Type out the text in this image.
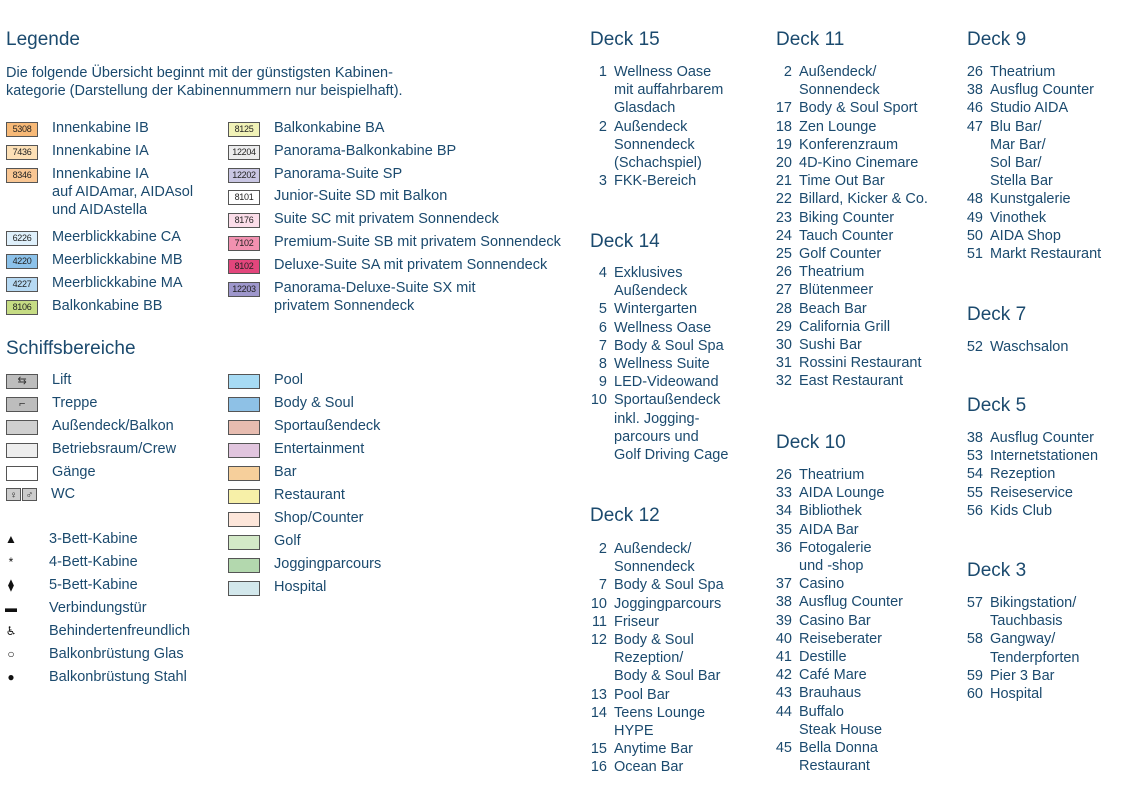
Legende
Die folgende Übersicht beginnt mit der günstigsten Kabinen-
kategorie (Darstellung der Kabinennummern nur beispielhaft).
5308	Innenkabine IB
7436	Innenkabine IA
8346	Innenkabine IA
auf AIDAmar, AIDAsol
und AIDAstella
6226	Meerblickkabine CA
4220	Meerblickkabine MB
4227	Meerblickkabine MA
8106	Balkonkabine BB
8125	Balkonkabine BA
12204 Panorama-Balkonkabine BP
12202 Panorama-Suite SP
8101	Junior-Suite SD mit Balkon
8176	Suite SC mit privatem Sonnendeck
7102	Premium-Suite SB mit privatem Sonnendeck
8102	Deluxe-Suite SA mit privatem Sonnendeck
12203 Panorama-Deluxe-Suite SX mit
privatem Sonnendeck
Schiffsbereiche
⇆	Lift
⌐	Treppe
Außendeck/Balkon
Betriebsraum/Crew
Gänge
♀ ♂ WC
Pool
Body & Soul
Sportaußendeck
Entertainment
Bar
Restaurant
Shop/Counter
Golf
Joggingparcours
Hospital
▲ 3-Bett-Kabine
*	4-Bett-Kabine
⧫ 5-Bett-Kabine
▬ Verbindungstür
♿ Behindertenfreundlich
○ Balkonbrüstung Glas
● Balkonbrüstung Stahl
Deck 15
1 Wellness Oase
mit auffahrbarem
Glasdach
2 Außendeck
Sonnendeck
(Schachspiel)
3 FKK-Bereich
Deck 14
4 Exklusives
Außendeck
5 Wintergarten
6 Wellness Oase
7 Body & Soul Spa
8 Wellness Suite
9 LED-Videowand
10 Sportaußendeck
inkl. Jogging-
parcours und
Golf Driving Cage
Deck 12
2 Außendeck/
Sonnendeck
7 Body & Soul Spa
10 Joggingparcours
11 Friseur
12 Body & Soul
Rezeption/
Body & Soul Bar
13 Pool Bar
14 Teens Lounge
HYPE
15 Anytime Bar
16 Ocean Bar
Deck 11
2 Außendeck/
Sonnendeck
17 Body & Soul Sport
18 Zen Lounge
19 Konferenzraum
20 4D-Kino Cinemare
21 Time Out Bar
22 Billard, Kicker & Co.
23 Biking Counter
24 Tauch Counter
25 Golf Counter
26 Theatrium
27 Blütenmeer
28 Beach Bar
29 California Grill
30 Sushi Bar
31 Rossini Restaurant
32 East Restaurant
Deck 10
26 Theatrium
33 AIDA Lounge
34 Bibliothek
35 AIDA Bar
36 Fotogalerie
und -shop
37 Casino
38 Ausflug Counter
39 Casino Bar
40 Reiseberater
41 Destille
42 Café Mare
43 Brauhaus
44 Buffalo
Steak House
45 Bella Donna
Restaurant
Deck 9
26 Theatrium
38 Ausflug Counter
46 Studio AIDA
47 Blu Bar/
Mar Bar/
Sol Bar/
Stella Bar
48 Kunstgalerie
49 Vinothek
50 AIDA Shop
51 Markt Restaurant
Deck 7
52 Waschsalon
Deck 5
38 Ausflug Counter
53 Internetstationen
54 Rezeption
55 Reiseservice
56 Kids Club
Deck 3
57 Bikingstation/
Tauchbasis
58 Gangway/
Tenderpforten
59 Pier 3 Bar
60 Hospital
